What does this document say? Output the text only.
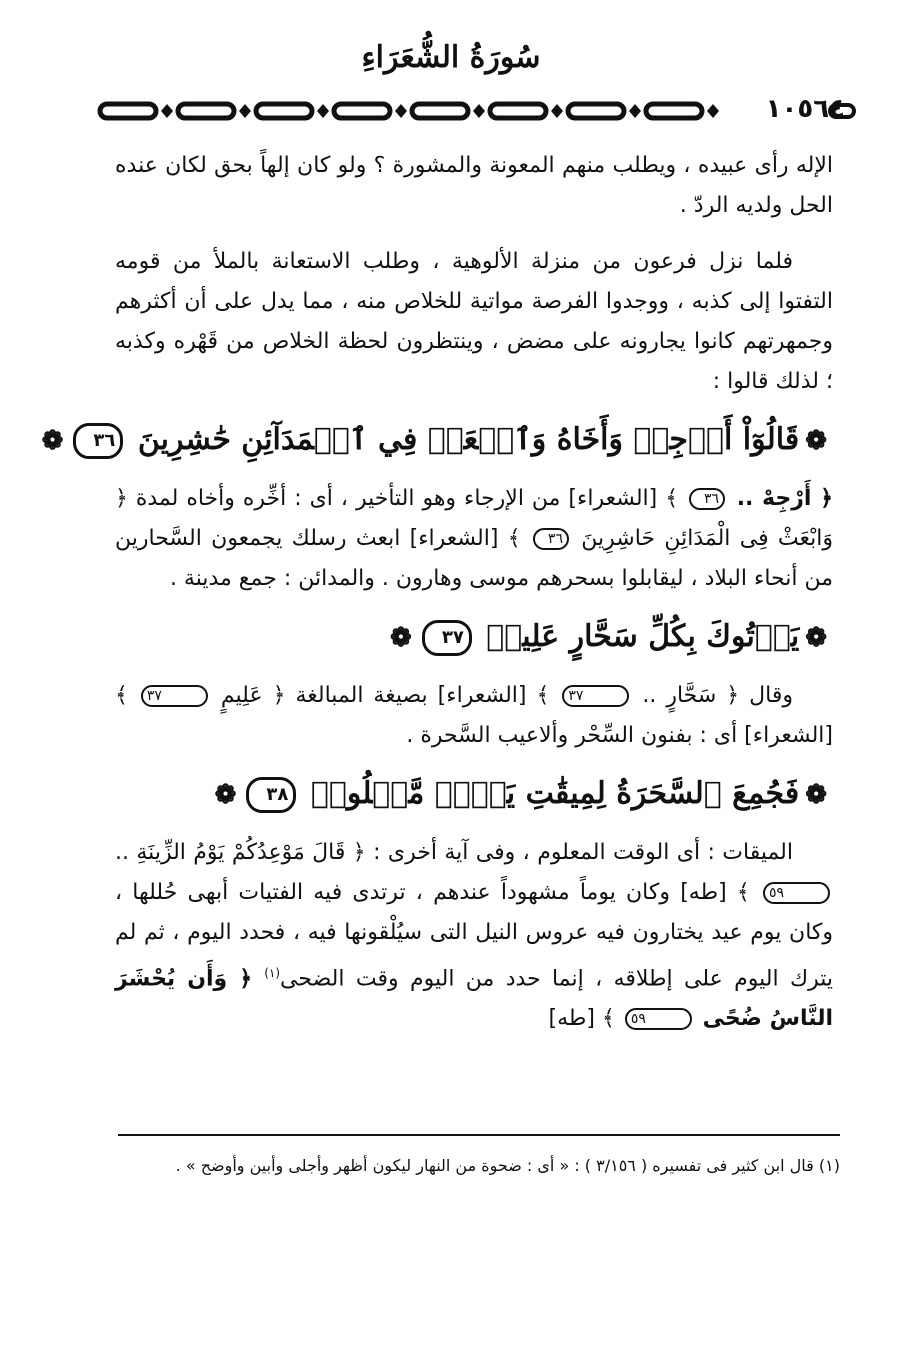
سُورَةُ الشُّعَرَاءِ
١٠٥٦٤

الإله رأى عبيده ، ويطلب منهم المعونة والمشورة ؟ ولو كان إلهاً بحق لكان عنده الحل ولديه الردّ .

فلما نزل فرعون من منزلة الألوهية ، وطلب الاستعانة بالملأ من قومه التفتوا إلى كذبه ، ووجدوا الفرصة مواتية للخلاص منه ، مما يدل على أن أكثرهم وجمهرتهم كانوا يجارونه على مضض ، وينتظرون لحظة الخلاص من قَهْره وكذبه ؛ لذلك قالوا :

❁قَالُوٓاْ أَرۡجِهۡ وَأَخَاهُ وَٱبۡعَثۡ فِي ٱلۡمَدَآئِنِ حَٰشِرِينَ ٣٦❁

﴿ أَرْجِهْ .. ٣٦ ﴾ [الشعراء] من الإرجاء وهو التأخير ، أى : أخِّره وأخاه لمدة ﴿ وَابْعَثْ فِى الْمَدَائِنِ حَاشِرِينَ ٣٦ ﴾ [الشعراء] ابعث رسلك يجمعون السَّحارين من أنحاء البلاد ، ليقابلوا بسحرهم موسى وهارون . والمدائن : جمع مدينة .

❁يَأۡتُوكَ بِكُلِّ سَحَّارٍ عَلِيمٖ ٣٧❁

وقال ﴿ سَحَّارٍ .. ٣٧ ﴾ [الشعراء] بصيغة المبالغة ﴿ عَلِيمٍ ٣٧ ﴾ [الشعراء] أى : بفنون السِّحْر وألاعيب السَّحرة .

❁فَجُمِعَ ٱلسَّحَرَةُ لِمِيقَٰتِ يَوۡمٖ مَّعۡلُومٖ ٣٨❁

الميقات : أى الوقت المعلوم ، وفى آية أخرى : ﴿ قَالَ مَوْعِدُكُمْ يَوْمُ الزِّينَةِ .. ٥٩ ﴾ [طه] وكان يوماً مشهوداً عندهم ، ترتدى فيه الفتيات أبهى حُللها ، وكان يوم عيد يختارون فيه عروس النيل التى سيُلْقونها فيه ، فحدد اليوم ، ثم لم يترك اليوم على إطلاقه ، إنما حدد من اليوم وقت الضحى$^{(١)}$ ﴿ وَأَن يُحْشَرَ النَّاسُ ضُحًى ٥٩ ﴾ [طه]

(١) قال ابن كثير فى تفسيره ( ٣/١٥٦ ) : « أى : ضحوة من النهار ليكون أظهر وأجلى وأبين وأوضح » .
